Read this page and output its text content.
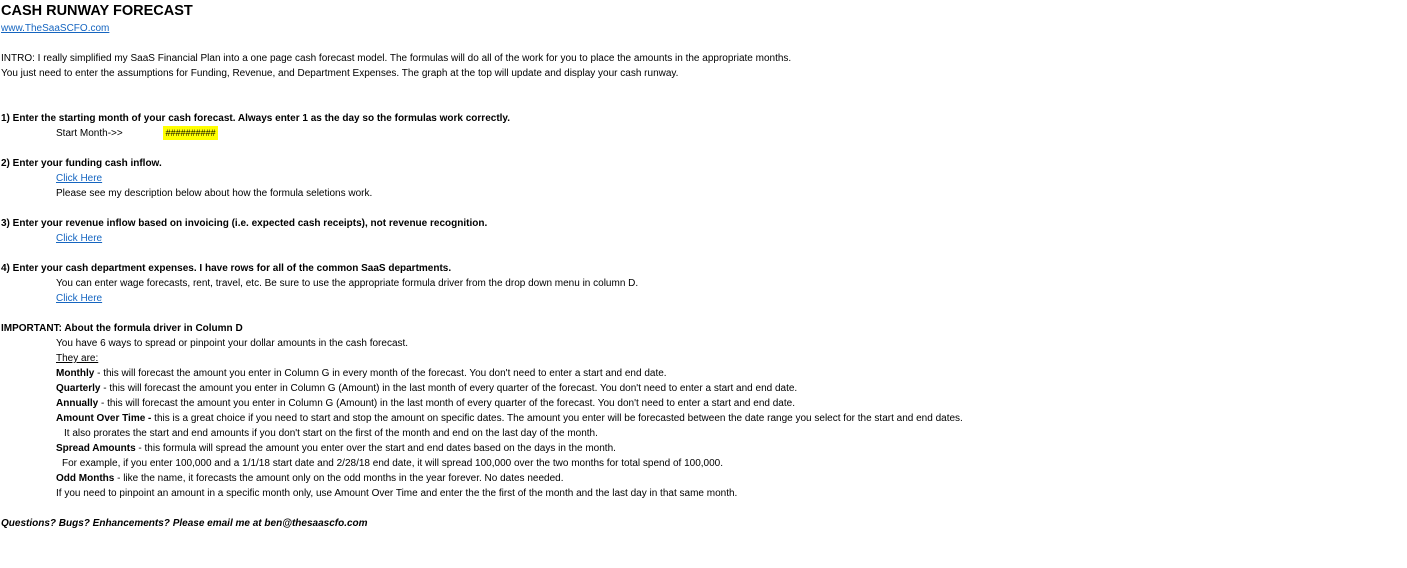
CASH RUNWAY FORECAST
www.TheSaaSCFO.com
INTRO: I really simplified my SaaS Financial Plan into a one page cash forecast model. The formulas will do all of the work for you to place the amounts in the appropriate months.
You just need to enter the assumptions for Funding, Revenue, and Department Expenses. The graph at the top will update and display your cash runway.
1) Enter the starting month of your cash forecast. Always enter 1 as the day so the formulas work correctly.
Start Month->>	##########
2) Enter your funding cash inflow.
Click Here
Please see my description below about how the formula seletions work.
3) Enter your revenue inflow based on invoicing (i.e. expected cash receipts), not revenue recognition.
Click Here
4) Enter your cash department expenses. I have rows for all of the common SaaS departments.
You can enter wage forecasts, rent, travel, etc. Be sure to use the appropriate formula driver from the drop down menu in column D.
Click Here
IMPORTANT: About the formula driver in Column D
You have 6 ways to spread or pinpoint your dollar amounts in the cash forecast.
They are:
Monthly - this will forecast the amount you enter in Column G in every month of the forecast. You don't need to enter a start and end date.
Quarterly - this will forecast the amount you enter in Column G (Amount) in the last month of every quarter of the forecast. You don't need to enter a start and end date.
Annually - this will forecast the amount you enter in Column G (Amount) in the last month of every quarter of the forecast. You don't need to enter a start and end date.
Amount Over Time - this is a great choice if you need to start and stop the amount on specific dates. The amount you enter will be forecasted between the date range you select for the start and end dates.
It also prorates the start and end amounts if you don't start on the first of the month and end on the last day of the month.
Spread Amounts - this formula will spread the amount you enter over the start and end dates based on the days in the month.
For example, if you enter 100,000 and a 1/1/18 start date and 2/28/18 end date, it will spread 100,000 over the two months for total spend of 100,000.
Odd Months - like the name, it forecasts the amount only on the odd months in the year forever. No dates needed.
If you need to pinpoint an amount in a specific month only, use Amount Over Time and enter the the first of the month and the last day in that same month.
Questions? Bugs? Enhancements? Please email me at ben@thesaascfo.com
